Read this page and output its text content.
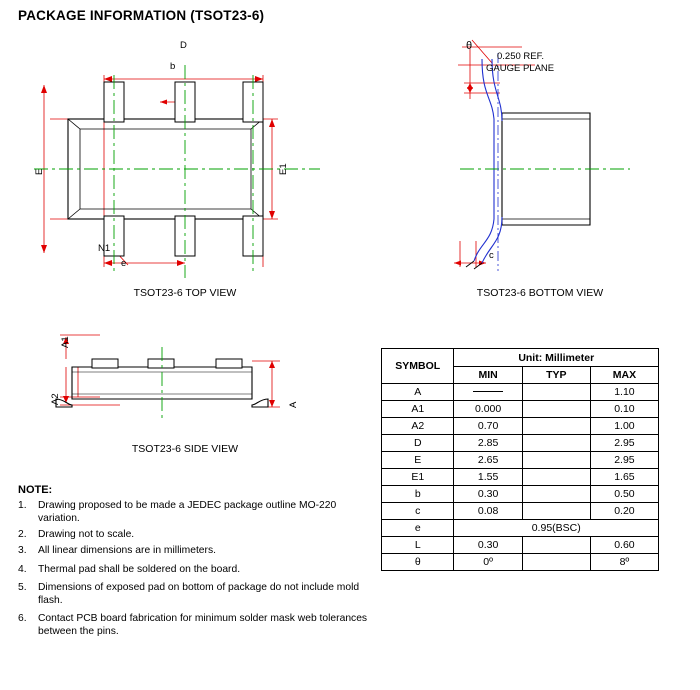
PACKAGE INFORMATION (TSOT23-6)
D
b
N1
e
E	E1
TSOT23-6 TOP VIEW
θ
0.250 REF.
GAUGE PLANE
c
TSOT23-6 BOTTOM VIEW
A1
A2	A
TSOT23-6 SIDE VIEW
SYMBOL	Unit: Millimeter		
	MIN	TYP	MAX
A			1.10
A1	0.000		0.10
A2	0.70		1.00
D	2.85		2.95
E	2.65		2.95
E1	1.55		1.65
b	0.30		0.50
c	0.08		0.20
e	0.95(BSC)		
L	0.30		0.60
θ	0º		8º
NOTE:
1.	Drawing proposed to be made a JEDEC package outline MO-220 variation.
2.	Drawing not to scale.
3.	All linear dimensions are in millimeters.
4.	Thermal pad shall be soldered on the board.
5.	Dimensions of exposed pad on bottom of package do not include mold flash.
6.	Contact PCB board fabrication for minimum solder mask web tolerances between the pins.
